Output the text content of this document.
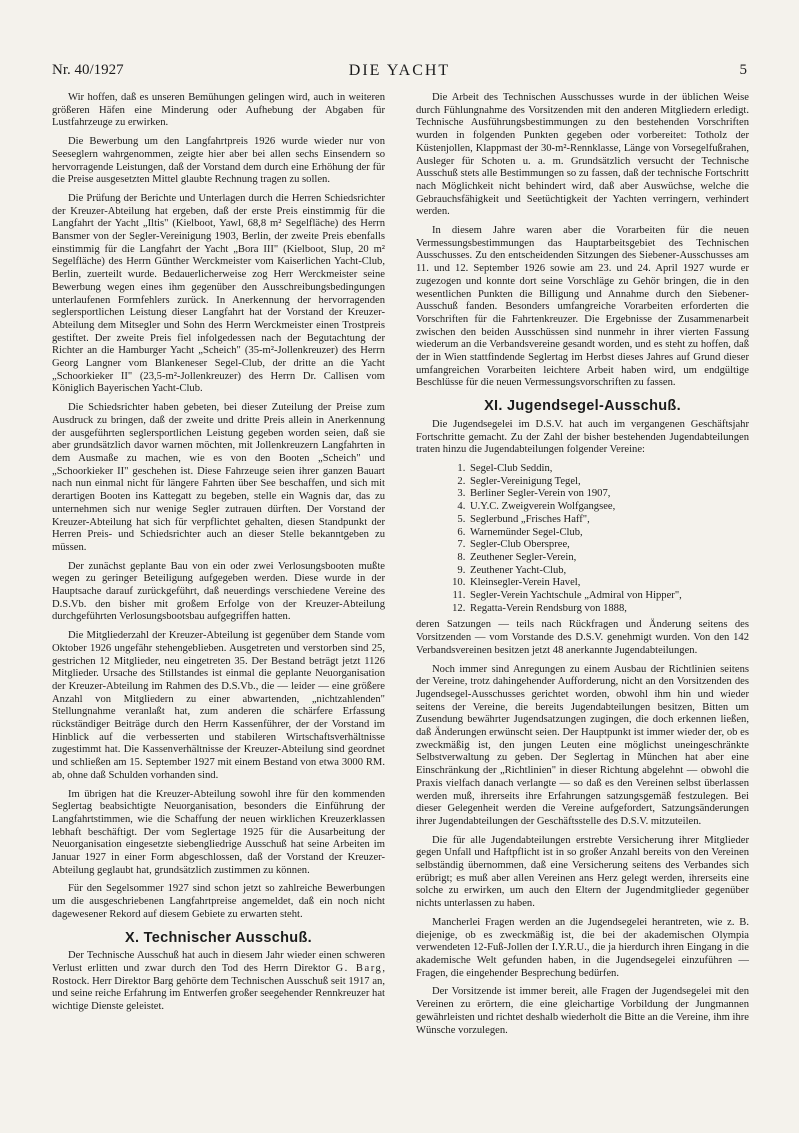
Nr. 40/1927	DIE YACHT	5

Wir hoffen, daß es unseren Bemühungen gelingen wird, auch in weiteren größeren Häfen eine Minderung oder Aufhebung der Abgaben für Lustfahrzeuge zu erwirken.

Die Bewerbung um den Langfahrtpreis 1926 wurde wieder nur von Seeseglern wahrgenommen, zeigte hier aber bei allen sechs Einsendern so hervorragende Leistungen, daß der Vorstand dem durch eine Erhöhung der für die Preise ausgesetzten Mittel glaubte Rechnung tragen zu sollen.

Die Prüfung der Berichte und Unterlagen durch die Herren Schiedsrichter der Kreuzer-Abteilung hat ergeben, daß der erste Preis einstimmig für die Langfahrt der Yacht „Iltis" (Kielboot, Yawl, 68,8 m² Segelfläche) des Herrn Bansmer von der Segler-Vereinigung 1903, Berlin, der zweite Preis ebenfalls einstimmig für die Langfahrt der Yacht „Bora III" (Kielboot, Slup, 20 m² Segelfläche) des Herrn Günther Werckmeister vom Kaiserlichen Yacht-Club, Berlin, zuerteilt wurde. Bedauerlicherweise zog Herr Werckmeister seine Bewerbung wegen eines ihm gegenüber den Ausschreibungsbedingungen unterlaufenen Formfehlers zurück. In Anerkennung der hervorragenden seglersportlichen Leistung dieser Langfahrt hat der Vorstand der Kreuzer-Abteilung dem Mitsegler und Sohn des Herrn Werckmeister einen Trostpreis gestiftet. Der zweite Preis fiel infolgedessen nach der Begutachtung der Richter an die Hamburger Yacht „Scheich" (35-m²-Jollenkreuzer) des Herrn Georg Langner vom Blankeneser Segel-Club, der dritte an die Yacht „Schoorkieker II" (23,5-m²-Jollenkreuzer) des Herrn Dr. Callisen vom Königlich Bayerischen Yacht-Club.

Die Schiedsrichter haben gebeten, bei dieser Zuteilung der Preise zum Ausdruck zu bringen, daß der zweite und dritte Preis allein in Anerkennung der ausgeführten seglersportlichen Leistung gegeben worden seien, daß sie aber grundsätzlich davor warnen möchten, mit Jollenkreuzern Langfahrten in dem Ausmaße zu machen, wie es von den Booten „Scheich" und „Schoorkieker II" geschehen ist. Diese Fahrzeuge seien ihrer ganzen Bauart nach nun einmal nicht für längere Fahrten über See beschaffen, und sich mit derartigen Booten ins Kattegatt zu begeben, stelle ein Wagnis dar, das zu unternehmen sich nur wenige Segler zutrauen dürften. Der Vorstand der Kreuzer-Abteilung hat sich für verpflichtet gehalten, diesen Standpunkt der Herren Preis- und Schiedsrichter auch an dieser Stelle bekanntgeben zu müssen.

Der zunächst geplante Bau von ein oder zwei Verlosungsbooten mußte wegen zu geringer Beteiligung aufgegeben werden. Diese wurde in der Hauptsache darauf zurückgeführt, daß neuerdings verschiedene Vereine des D.S.Vb. den bisher mit großem Erfolge von der Kreuzer-Abteilung durchgeführten Verlosungsbootsbau aufgegriffen hatten.

Die Mitgliederzahl der Kreuzer-Abteilung ist gegenüber dem Stande vom Oktober 1926 ungefähr stehengeblieben. Ausgetreten und verstorben sind 25, gestrichen 12 Mitglieder, neu eingetreten 35. Der Bestand beträgt jetzt 1126 Mitglieder. Ursache des Stillstandes ist einmal die geplante Neuorganisation der Kreuzer-Abteilung im Rahmen des D.S.Vb., die — leider — eine größere Anzahl von Mitgliedern zu einer abwartenden, „nichtzahlenden" Stellungnahme veranlaßt hat, zum anderen die schärfere Erfassung rückständiger Beiträge durch den Herrn Kassenführer, der der Vorstand im Hinblick auf die verbesserten und stabileren Wirtschaftsverhältnisse zugestimmt hat. Die Kassenverhältnisse der Kreuzer-Abteilung sind geordnet und schließen am 15. September 1927 mit einem Bestand von etwa 3000 RM. ab, ohne daß Schulden vorhanden sind.

Im übrigen hat die Kreuzer-Abteilung sowohl ihre für den kommenden Seglertag beabsichtigte Neuorganisation, besonders die Einführung der Langfahrtstimmen, wie die Schaffung der neuen wirklichen Kreuzerklassen lebhaft beschäftigt. Der vom Seglertage 1925 für die Ausarbeitung der Neuorganisation eingesetzte siebengliedrige Ausschuß hat seine Arbeiten im Januar 1927 in einer Form abgeschlossen, daß der Vorstand der Kreuzer-Abteilung geglaubt hat, grundsätzlich zustimmen zu können.

Für den Segelsommer 1927 sind schon jetzt so zahlreiche Bewerbungen um die ausgeschriebenen Langfahrtpreise angemeldet, daß ein noch nicht dagewesener Rekord auf diesem Gebiete zu erwarten steht.

X. Technischer Ausschuß.

Der Technische Ausschuß hat auch in diesem Jahr wieder einen schweren Verlust erlitten und zwar durch den Tod des Herrn Direktor G. Barg, Rostock. Herr Direktor Barg gehörte dem Technischen Ausschuß seit 1917 an, und seine reiche Erfahrung im Entwerfen großer seegehender Rennkreuzer hat wichtige Dienste geleistet.

Die Arbeit des Technischen Ausschusses wurde in der üblichen Weise durch Fühlungnahme des Vorsitzenden mit den anderen Mitgliedern erledigt. Technische Ausführungsbestimmungen zu den bestehenden Vorschriften wurden in folgenden Punkten gegeben oder vorbereitet: Totholz der Küstenjollen, Klappmast der 30-m²-Rennklasse, Länge von Vorsegelfußrahen, Ausleger für Schoten u. a. m. Grundsätzlich versucht der Technische Ausschuß stets alle Bestimmungen so zu fassen, daß der technische Fortschritt nach Möglichkeit nicht behindert wird, daß aber Auswüchse, welche die Gebrauchsfähigkeit und Seetüchtigkeit der Yachten verringern, verhindert werden.

In diesem Jahre waren aber die Vorarbeiten für die neuen Vermessungsbestimmungen das Hauptarbeitsgebiet des Technischen Ausschusses. Zu den entscheidenden Sitzungen des Siebener-Ausschusses am 11. und 12. September 1926 sowie am 23. und 24. April 1927 wurde er zugezogen und konnte dort seine Vorschläge zu Gehör bringen, die in den wesentlichen Punkten die Billigung und Annahme durch den Siebener-Ausschuß fanden. Besonders umfangreiche Vorarbeiten erforderten die Vorschriften für die Fahrtenkreuzer. Die Ergebnisse der Zusammenarbeit zwischen den beiden Ausschüssen sind nunmehr in ihrer vierten Fassung wiederum an die Verbandsvereine gesandt worden, und es steht zu hoffen, daß der in Wien stattfindende Seglertag im Herbst dieses Jahres auf Grund dieser umfangreichen Vorarbeiten leichtere Arbeit haben wird, um endgültige Beschlüsse für die neuen Vermessungsvorschriften zu fassen.

XI. Jugendsegel-Ausschuß.

Die Jugendsegelei im D.S.V. hat auch im vergangenen Geschäftsjahr Fortschritte gemacht. Zu der Zahl der bisher bestehenden Jugendabteilungen traten hinzu die Jugendabteilungen folgender Vereine:

1. Segel-Club Seddin,
2. Segler-Vereinigung Tegel,
3. Berliner Segler-Verein von 1907,
4. U.Y.C. Zweigverein Wolfgangsee,
5. Seglerbund „Frisches Haff",
6. Warnemünder Segel-Club,
7. Segler-Club Oberspree,
8. Zeuthener Segler-Verein,
9. Zeuthener Yacht-Club,
10. Kleinsegler-Verein Havel,
11. Segler-Verein Yachtschule „Admiral von Hipper",
12. Regatta-Verein Rendsburg von 1888,

deren Satzungen — teils nach Rückfragen und Änderung seitens des Vorsitzenden — vom Vorstande des D.S.V. genehmigt wurden. Von den 142 Verbandsvereinen besitzen jetzt 48 anerkannte Jugendabteilungen.

Noch immer sind Anregungen zu einem Ausbau der Richtlinien seitens der Vereine, trotz dahingehender Aufforderung, nicht an den Vorsitzenden des Jugendsegel-Ausschusses gerichtet worden, obwohl ihm hin und wieder seitens der Vereine, die bereits Jugendabteilungen besitzen, Bitten um Zusendung bewährter Jugendsatzungen zugingen, die doch erkennen ließen, daß Änderungen erwünscht seien. Der Hauptpunkt ist immer wieder der, ob es zweckmäßig ist, den jungen Leuten eine möglichst uneingeschränkte Selbstverwaltung zu geben. Der Seglertag in München hat aber eine Einschränkung der „Richtlinien" in dieser Richtung abgelehnt — obwohl die Praxis vielfach danach verlangte — so daß es den Vereinen selbst überlassen werden muß, ihrerseits ihre Erfahrungen satzungsgemäß festzulegen. Bei dieser Gelegenheit werden die Vereine aufgefordert, Satzungsänderungen ihrer Jugendabteilungen der Geschäftsstelle des D.S.V. mitzuteilen.

Die für alle Jugendabteilungen erstrebte Versicherung ihrer Mitglieder gegen Unfall und Haftpflicht ist in so großer Anzahl bereits von den Vereinen selbständig übernommen, daß eine Versicherung seitens des Verbandes sich erübrigt; es muß aber allen Vereinen ans Herz gelegt werden, ihrerseits eine solche zu erwirken, um auch den Eltern der Jugendmitglieder gegenüber nichts unterlassen zu haben.

Mancherlei Fragen werden an die Jugendsegelei herantreten, wie z. B. diejenige, ob es zweckmäßig ist, die bei der akademischen Olympia verwendeten 12-Fuß-Jollen der I.Y.R.U., die ja hierdurch ihren Eingang in die akademische Welt gefunden haben, in die Jugendsegelei einzuführen — Fragen, die eingehender Besprechung bedürfen.

Der Vorsitzende ist immer bereit, alle Fragen der Jugendsegelei mit den Vereinen zu erörtern, die eine gleichartige Vorbildung der Jungmannen gewährleisten und richtet deshalb wiederholt die Bitte an die Vereine, ihm ihre Wünsche vorzulegen.
